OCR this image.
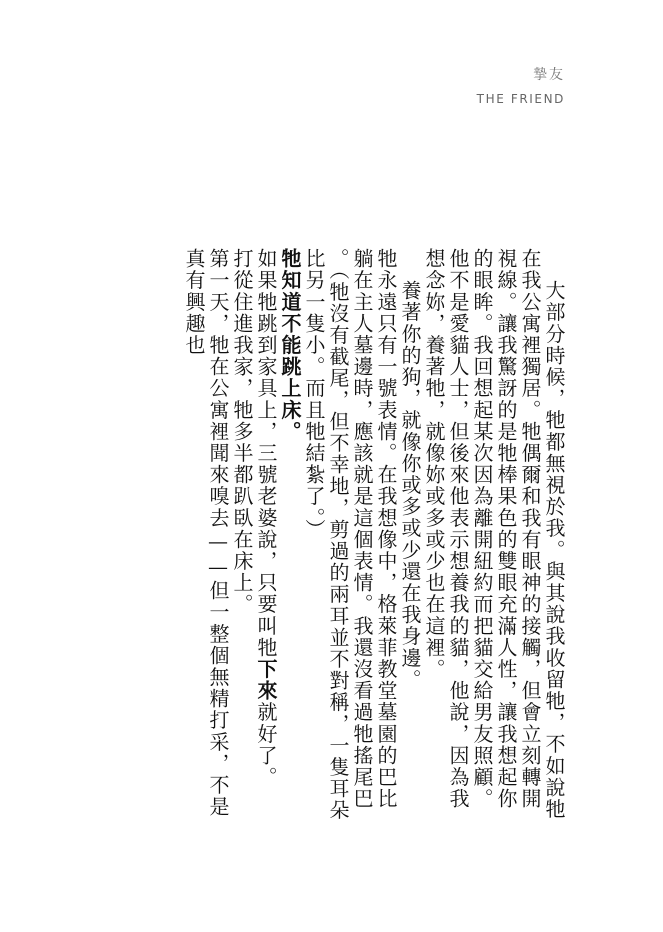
摯友
THE FRIEND

大部分時候，牠都無視於我。與其說我收留牠，不如說牠在我公寓裡獨居。牠偶爾和我有眼神的接觸，但會立刻轉開視線。讓我驚訝的是牠棒果色的雙眼充滿人性，讓我想起你的眼眸。我回想起某次因為離開紐約而把貓交給男友照顧。他不是愛貓人士，但後來他表示想養我的貓，他說，因為我想念妳，養著牠，就像妳或多或少也在這裡。

養著你的狗，就像你或多或少還在我身邊。

牠永遠只有一號表情。在我想像中，格萊菲教堂墓園的巴比躺在主人墓邊時，應該就是這個表情。我還沒看過牠搖尾巴。（牠沒有截尾，但不幸地，剪過的兩耳並不對稱，一隻耳朵比另一隻小。而且牠結紮了。）

牠知道不能跳上床。

如果牠跳到家具上，三號老婆說，只要叫牠下來就好了。

打從住進我家，牠多半都趴臥在床上。

第一天，牠在公寓裡聞來嗅去——但一整個無精打采，不是真有興趣也
